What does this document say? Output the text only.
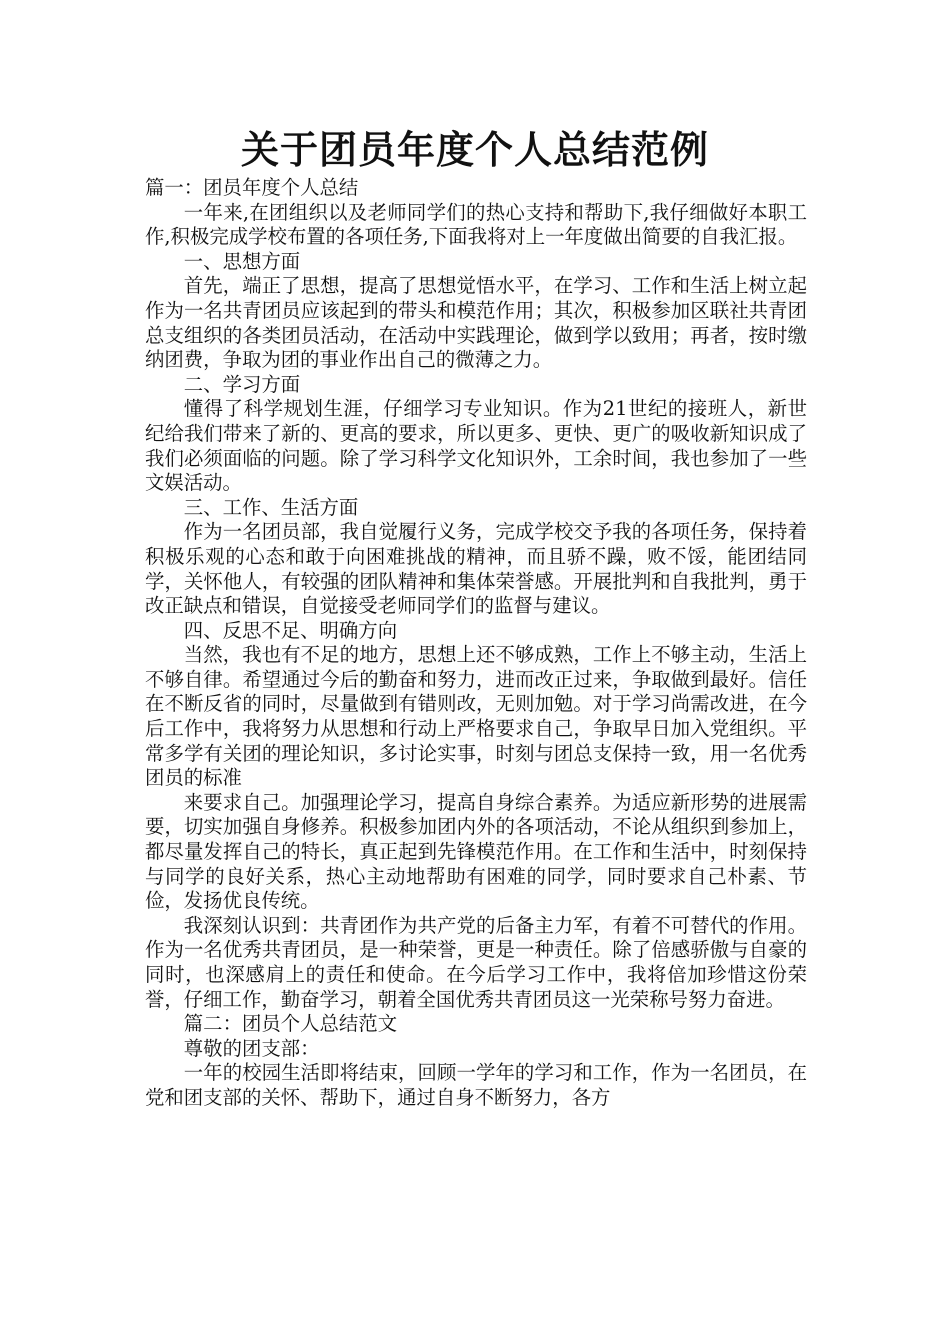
关于团员年度个人总结范例

篇一：团员年度个人总结

一年来,在团组织以及老师同学们的热心支持和帮助下,我仔细做好本职工作,积极完成学校布置的各项任务,下面我将对上一年度做出简要的自我汇报。

一、思想方面

首先，端正了思想，提高了思想觉悟水平，在学习、工作和生活上树立起作为一名共青团员应该起到的带头和模范作用；其次，积极参加区联社共青团总支组织的各类团员活动，在活动中实践理论，做到学以致用；再者，按时缴纳团费，争取为团的事业作出自己的微薄之力。

二、学习方面

懂得了科学规划生涯，仔细学习专业知识。作为21世纪的接班人，新世纪给我们带来了新的、更高的要求，所以更多、更快、更广的吸收新知识成了我们必须面临的问题。除了学习科学文化知识外，工余时间，我也参加了一些文娱活动。

三、工作、生活方面

作为一名团员部，我自觉履行义务，完成学校交予我的各项任务，保持着积极乐观的心态和敢于向困难挑战的精神，而且骄不躁，败不馁，能团结同学，关怀他人，有较强的团队精神和集体荣誉感。开展批判和自我批判，勇于改正缺点和错误，自觉接受老师同学们的监督与建议。

四、反思不足、明确方向

当然，我也有不足的地方，思想上还不够成熟，工作上不够主动，生活上不够自律。希望通过今后的勤奋和努力，进而改正过来，争取做到最好。信任在不断反省的同时，尽量做到有错则改，无则加勉。对于学习尚需改进，在今后工作中，我将努力从思想和行动上严格要求自己，争取早日加入党组织。平常多学有关团的理论知识，多讨论实事，时刻与团总支保持一致，用一名优秀团员的标准

来要求自己。加强理论学习，提高自身综合素养。为适应新形势的进展需要，切实加强自身修养。积极参加团内外的各项活动，不论从组织到参加上，都尽量发挥自己的特长，真正起到先锋模范作用。在工作和生活中，时刻保持与同学的良好关系，热心主动地帮助有困难的同学，同时要求自己朴素、节俭，发扬优良传统。

我深刻认识到：共青团作为共产党的后备主力军，有着不可替代的作用。作为一名优秀共青团员，是一种荣誉，更是一种责任。除了倍感骄傲与自豪的同时，也深感肩上的责任和使命。在今后学习工作中，我将倍加珍惜这份荣誉，仔细工作，勤奋学习，朝着全国优秀共青团员这一光荣称号努力奋进。

篇二：团员个人总结范文

尊敬的团支部：

一年的校园生活即将结束，回顾一学年的学习和工作，作为一名团员，在党和团支部的关怀、帮助下，通过自身不断努力，各方
